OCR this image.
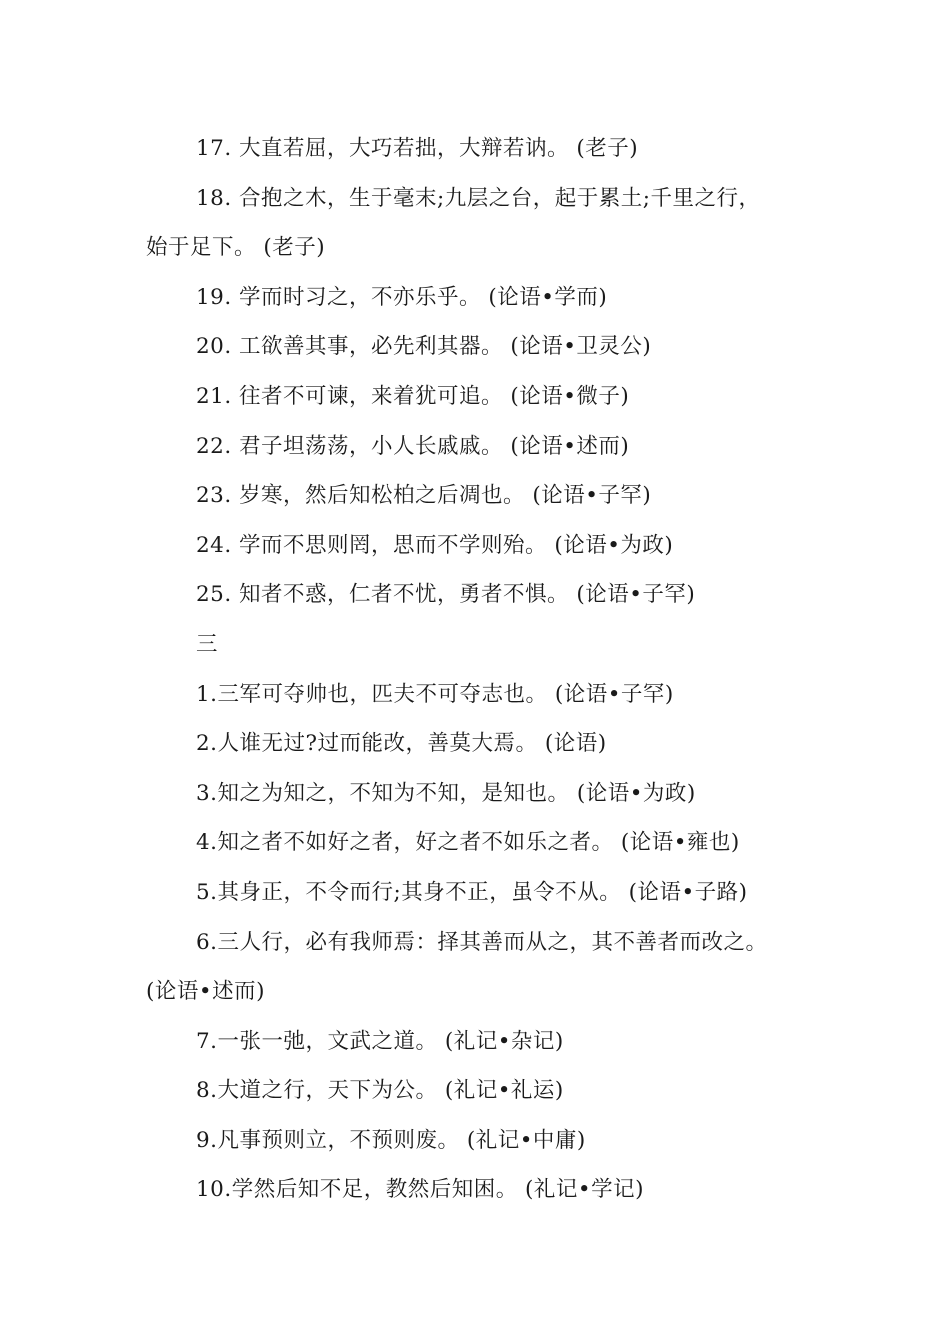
17. 大直若屈，大巧若拙，大辩若讷。 (老子)
18. 合抱之木，生于毫末;九层之台，起于累土;千里之行，
始于足下。 (老子)
19. 学而时习之，不亦乐乎。 (论语•学而)
20. 工欲善其事，必先利其器。 (论语•卫灵公)
21. 往者不可谏，来着犹可追。 (论语•微子)
22. 君子坦荡荡，小人长戚戚。 (论语•述而)
23. 岁寒，然后知松柏之后凋也。 (论语•子罕)
24. 学而不思则罔，思而不学则殆。 (论语•为政)
25. 知者不惑，仁者不忧，勇者不惧。 (论语•子罕)
三
1.三军可夺帅也，匹夫不可夺志也。 (论语•子罕)
2.人谁无过?过而能改，善莫大焉。 (论语)
3.知之为知之，不知为不知，是知也。 (论语•为政)
4.知之者不如好之者，好之者不如乐之者。 (论语•雍也)
5.其身正，不令而行;其身不正，虽令不从。 (论语•子路)
6.三人行，必有我师焉：择其善而从之，其不善者而改之。
(论语•述而)
7.一张一弛，文武之道。 (礼记•杂记)
8.大道之行，天下为公。 (礼记•礼运)
9.凡事预则立，不预则废。 (礼记•中庸)
10.学然后知不足，教然后知困。 (礼记•学记)
